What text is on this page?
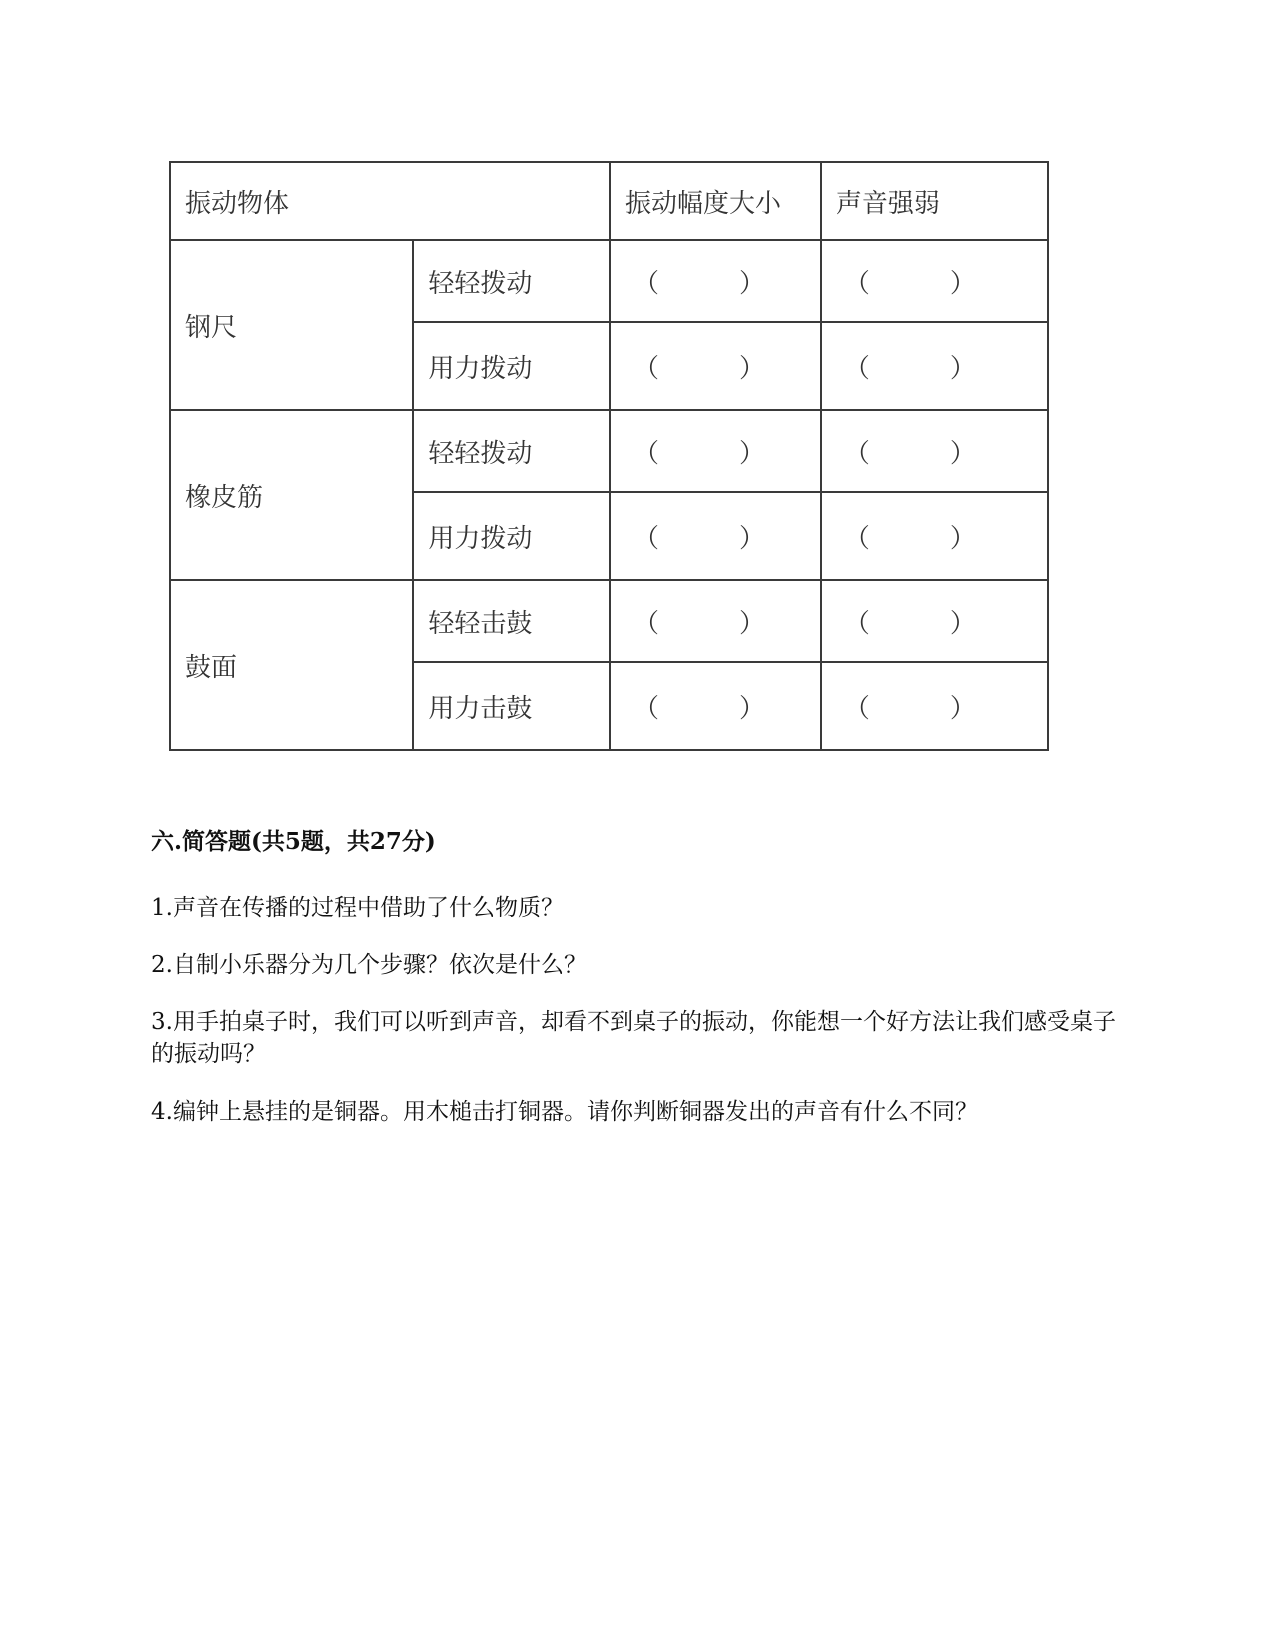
振动物体		振动幅度大小	声音强弱
钢尺	轻轻拨动	（ ）	（ ）
	用力拨动	（ ）	（ ）
橡皮筋	轻轻拨动	（ ）	（ ）
	用力拨动	（ ）	（ ）
鼓面	轻轻击鼓	（ ）	（ ）
	用力击鼓	（ ）	（ ）

六.简答题(共5题，共27分)

1.声音在传播的过程中借助了什么物质？

2.自制小乐器分为几个步骤？依次是什么？

3.用手拍桌子时，我们可以听到声音，却看不到桌子的振动，你能想一个好方法让我们感受桌子的振动吗？

4.编钟上悬挂的是铜器。用木槌击打铜器。请你判断铜器发出的声音有什么不同？
